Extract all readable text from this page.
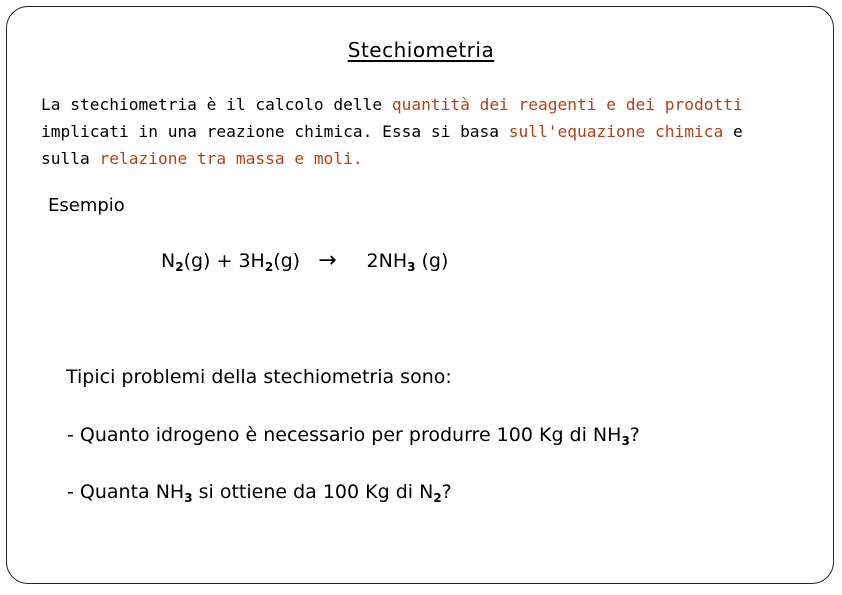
Stechiometria
La stechiometria è il calcolo delle quantità dei reagenti e dei prodotti
implicati in una reazione chimica. Essa si basa sull'equazione chimica e
sulla relazione tra massa e moli.
Esempio
$N_2(g) + 3H_2(g) \to 2NH_3$ (g)
Tipici problemi della stechiometria sono:
- Quanto idrogeno è necessario per produrre 100 Kg di $NH_3$?
- Quanta $NH_3$ si ottiene da 100 Kg di $N_2$?
